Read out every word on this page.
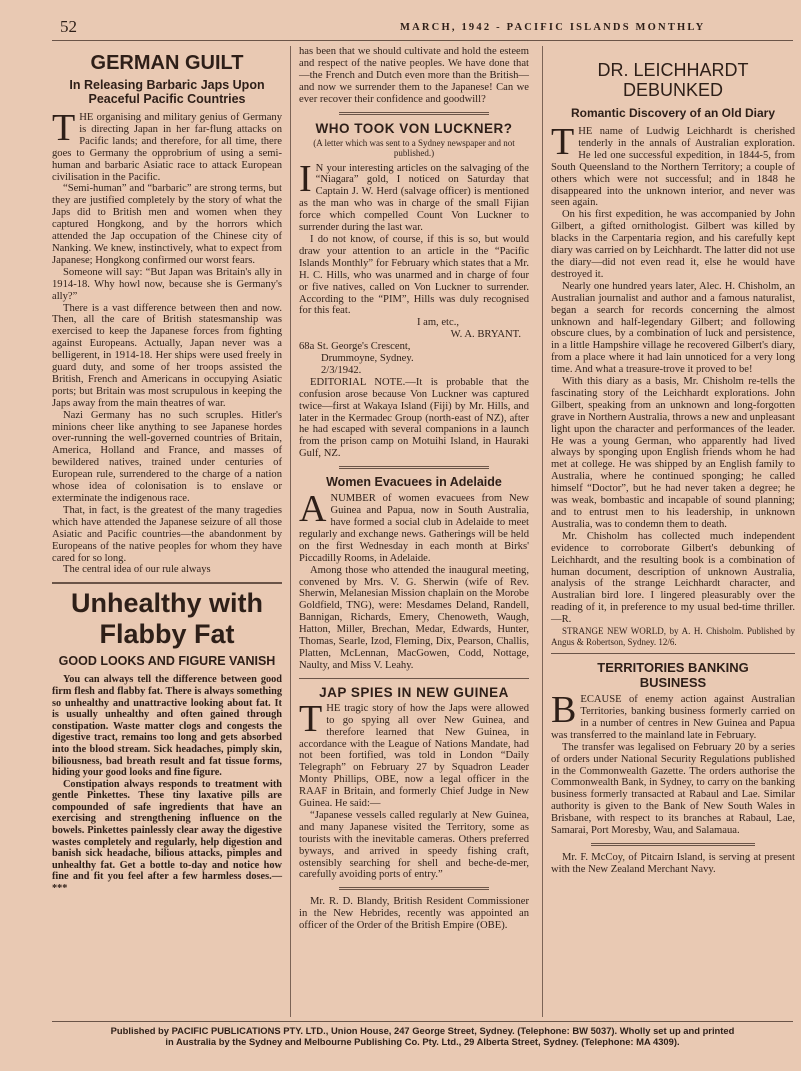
52	MARCH, 1942 - PACIFIC ISLANDS MONTHLY
GERMAN GUILT
In Releasing Barbaric Japs Upon Peaceful Pacific Countries

THE organising and military genius of Germany is directing Japan in her far-flung attacks on Pacific lands; and therefore, for all time, there goes to Germany the opprobrium of using a semi-human and barbaric Asiatic race to attack European civilisation in the Pacific.

“Semi-human” and “barbaric” are strong terms, but they are justified completely by the story of what the Japs did to British men and women when they captured Hongkong, and by the horrors which attended the Jap occupation of the Chinese city of Nanking. We knew, instinctively, what to expect from Japanese; Hongkong confirmed our worst fears.

Someone will say: “But Japan was Britain's ally in 1914-18. Why howl now, because she is Germany's ally?”

There is a vast difference between then and now. Then, all the care of British statesmanship was exercised to keep the Japanese forces from fighting against Europeans. Actually, Japan never was a belligerent, in 1914-18. Her ships were used freely in guard duty, and some of her troops assisted the British, French and Americans in occupying Asiatic ports; but Britain was most scrupulous in keeping the Japs away from the main theatres of war.

Nazi Germany has no such scruples. Hitler's minions cheer like anything to see Japanese hordes over-running the well-governed countries of Britain, America, Holland and France, and masses of bewildered natives, trained under centuries of European rule, surrendered to the charge of a nation whose idea of colonisation is to enslave or exterminate the indigenous race.

That, in fact, is the greatest of the many tragedies which have attended the Japanese seizure of all those Asiatic and Pacific countries—the abandonment by Europeans of the native peoples for whom they have cared for so long.

The central idea of our rule always

Unhealthy with Flabby Fat
GOOD LOOKS AND FIGURE VANISH

You can always tell the difference between good firm flesh and flabby fat. There is always something so unhealthy and unattractive looking about fat. It is usually unhealthy and often gained through constipation. Waste matter clogs and congests the digestive tract, remains too long and gets absorbed into the blood stream. Sick headaches, pimply skin, biliousness, bad breath result and fat tissue forms, hiding your good looks and fine figure.

Constipation always responds to treatment with gentle Pinkettes. These tiny laxative pills are compounded of safe ingredients that have an exercising and strengthening influence on the bowels. Pinkettes painlessly clear away the digestive wastes completely and regularly, help digestion and banish sick headache, bilious attacks, pimples and unhealthy fat. Get a bottle to-day and notice how fine and fit you feel after a few harmless doses.—***

has been that we should cultivate and hold the esteem and respect of the native peoples. We have done that—the French and Dutch even more than the British—and now we surrender them to the Japanese! Can we ever recover their confidence and goodwill?

WHO TOOK VON LUCKNER?
(A letter which was sent to a Sydney newspaper and not published.)

I N your interesting articles on the salvaging of the “Niagara” gold, I noticed on Saturday that Captain J. W. Herd (salvage officer) is mentioned as the man who was in charge of the small Fijian force which compelled Count Von Luckner to surrender during the last war.

I do not know, of course, if this is so, but would draw your attention to an article in the “Pacific Islands Monthly” for February which states that a Mr. H. C. Hills, who was unarmed and in charge of four or five natives, called on Von Luckner to surrender. According to the “PIM”, Hills was duly recognised for this feat.

I am, etc.,

W. A. BRYANT.

68a St. George's Crescent,

Drummoyne, Sydney.

2/3/1942.

EDITORIAL NOTE.—It is probable that the confusion arose because Von Luckner was captured twice—first at Wakaya Island (Fiji) by Mr. Hills, and later in the Kermadec Group (north-east of NZ), after he had escaped with several companions in a launch from the prison camp on Motuihi Island, in Hauraki Gulf, NZ.

Women Evacuees in Adelaide

ANUMBER of women evacuees from New Guinea and Papua, now in South Australia, have formed a social club in Adelaide to meet regularly and exchange news. Gatherings will be held on the first Wednesday in each month at Birks' Piccadilly Rooms, in Adelaide.

Among those who attended the inaugural meeting, convened by Mrs. V. G. Sherwin (wife of Rev. Sherwin, Melanesian Mission chaplain on the Morobe Goldfield, TNG), were: Mesdames Deland, Randell, Bannigan, Richards, Emery, Chenoweth, Waugh, Hatton, Miller, Brechan, Medar, Edwards, Hunter, Thomas, Searle, Izod, Fleming, Dix, Pearson, Challis, Platten, McLennan, MacGowen, Codd, Nottage, Naulty, and Miss V. Leahy.

JAP SPIES IN NEW GUINEA

THE tragic story of how the Japs were allowed to go spying all over New Guinea, and therefore learned that New Guinea, in accordance with the League of Nations Mandate, had not been fortified, was told in London “Daily Telegraph” on February 27 by Squadron Leader Monty Phillips, OBE, now a legal officer in the RAAF in Britain, and formerly Chief Judge in New Guinea. He said:—

“Japanese vessels called regularly at New Guinea, and many Japanese visited the Territory, some as tourists with the inevitable cameras. Others preferred byways, and arrived in speedy fishing craft, ostensibly searching for shell and beche-de-mer, carefully avoiding ports of entry.”

Mr. R. D. Blandy, British Resident Commissioner in the New Hebrides, recently was appointed an officer of the Order of the British Empire (OBE).

DR. LEICHHARDT DEBUNKED
Romantic Discovery of an Old Diary

THE name of Ludwig Leichhardt is cherished tenderly in the annals of Australian exploration. He led one successful expedition, in 1844-5, from South Queensland to the Northern Territory; a couple of others which were not successful; and in 1848 he disappeared into the unknown interior, and never was seen again.

On his first expedition, he was accompanied by John Gilbert, a gifted ornithologist. Gilbert was killed by blacks in the Carpentaria region, and his carefully kept diary was carried on by Leichhardt. The latter did not use the diary—did not even read it, else he would have destroyed it.

Nearly one hundred years later, Alec. H. Chisholm, an Australian journalist and author and a famous naturalist, began a search for records concerning the almost unknown and half-legendary Gilbert; and following obscure clues, by a combination of luck and persistence, in a little Hampshire village he recovered Gilbert's diary, from a place where it had lain unnoticed for a very long time. And what a treasure-trove it proved to be!

With this diary as a basis, Mr. Chisholm re-tells the fascinating story of the Leichhardt explorations. John Gilbert, speaking from an unknown and long-forgotten grave in Northern Australia, throws a new and unpleasant light upon the character and performances of the leader. He was a young German, who apparently had lived always by sponging upon English friends whom he had met at college. He was shipped by an English family to Australia, where he continued sponging; he called himself “Doctor”, but he had never taken a degree; he was weak, bombastic and incapable of sound planning; and to entrust men to his leadership, in unknown Australia, was to condemn them to death.

Mr. Chisholm has collected much independent evidence to corroborate Gilbert's debunking of Leichhardt, and the resulting book is a combination of human document, description of unknown Australia, analysis of the strange Leichhardt character, and Australian bird lore. I lingered pleasurably over the reading of it, in preference to my usual bed-time thriller.—R.

STRANGE NEW WORLD, by A. H. Chisholm. Published by Angus & Robertson, Sydney. 12/6.

TERRITORIES BANKING BUSINESS

BECAUSE of enemy action against Australian Territories, banking business formerly carried on in a number of centres in New Guinea and Papua was transferred to the mainland late in February.

The transfer was legalised on February 20 by a series of orders under National Security Regulations published in the Commonwealth Gazette. The orders authorise the Commonwealth Bank, in Sydney, to carry on the banking business formerly transacted at Rabaul and Lae. Similar authority is given to the Bank of New South Wales in Brisbane, with respect to its branches at Rabaul, Lae, Samarai, Port Moresby, Wau, and Salamaua.

Mr. F. McCoy, of Pitcairn Island, is serving at present with the New Zealand Merchant Navy.

Published by PACIFIC PUBLICATIONS PTY. LTD., Union House, 247 George Street, Sydney. (Telephone: BW 5037). Wholly set up and printed
in Australia by the Sydney and Melbourne Publishing Co. Pty. Ltd., 29 Alberta Street, Sydney. (Telephone: MA 4309).
